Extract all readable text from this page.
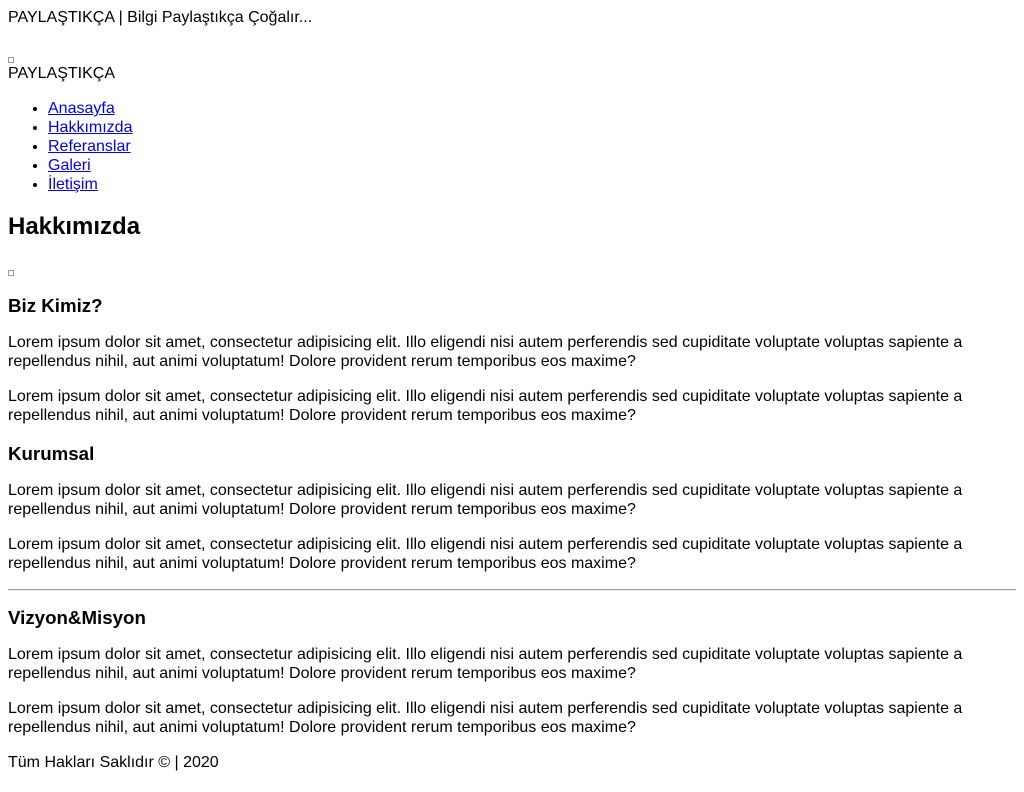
PAYLAŞTIKÇA | Bilgi Paylaştıkça Çoğalır...
PAYLAŞTIKÇA
• Anasayfa
• Hakkımızda
• Referanslar
• Galeri
• İletişim
Hakkımızda
Biz Kimiz?

Lorem ipsum dolor sit amet, consectetur adipisicing elit. Illo eligendi nisi autem perferendis sed cupiditate voluptate voluptas sapiente a repellendus nihil, aut animi voluptatum! Dolore provident rerum temporibus eos maxime?

Lorem ipsum dolor sit amet, consectetur adipisicing elit. Illo eligendi nisi autem perferendis sed cupiditate voluptate voluptas sapiente a repellendus nihil, aut animi voluptatum! Dolore provident rerum temporibus eos maxime?

Kurumsal

Lorem ipsum dolor sit amet, consectetur adipisicing elit. Illo eligendi nisi autem perferendis sed cupiditate voluptate voluptas sapiente a repellendus nihil, aut animi voluptatum! Dolore provident rerum temporibus eos maxime?

Lorem ipsum dolor sit amet, consectetur adipisicing elit. Illo eligendi nisi autem perferendis sed cupiditate voluptate voluptas sapiente a repellendus nihil, aut animi voluptatum! Dolore provident rerum temporibus eos maxime?

Vizyon&Misyon

Lorem ipsum dolor sit amet, consectetur adipisicing elit. Illo eligendi nisi autem perferendis sed cupiditate voluptate voluptas sapiente a repellendus nihil, aut animi voluptatum! Dolore provident rerum temporibus eos maxime?

Lorem ipsum dolor sit amet, consectetur adipisicing elit. Illo eligendi nisi autem perferendis sed cupiditate voluptate voluptas sapiente a repellendus nihil, aut animi voluptatum! Dolore provident rerum temporibus eos maxime?

Tüm Hakları Saklıdır © | 2020
